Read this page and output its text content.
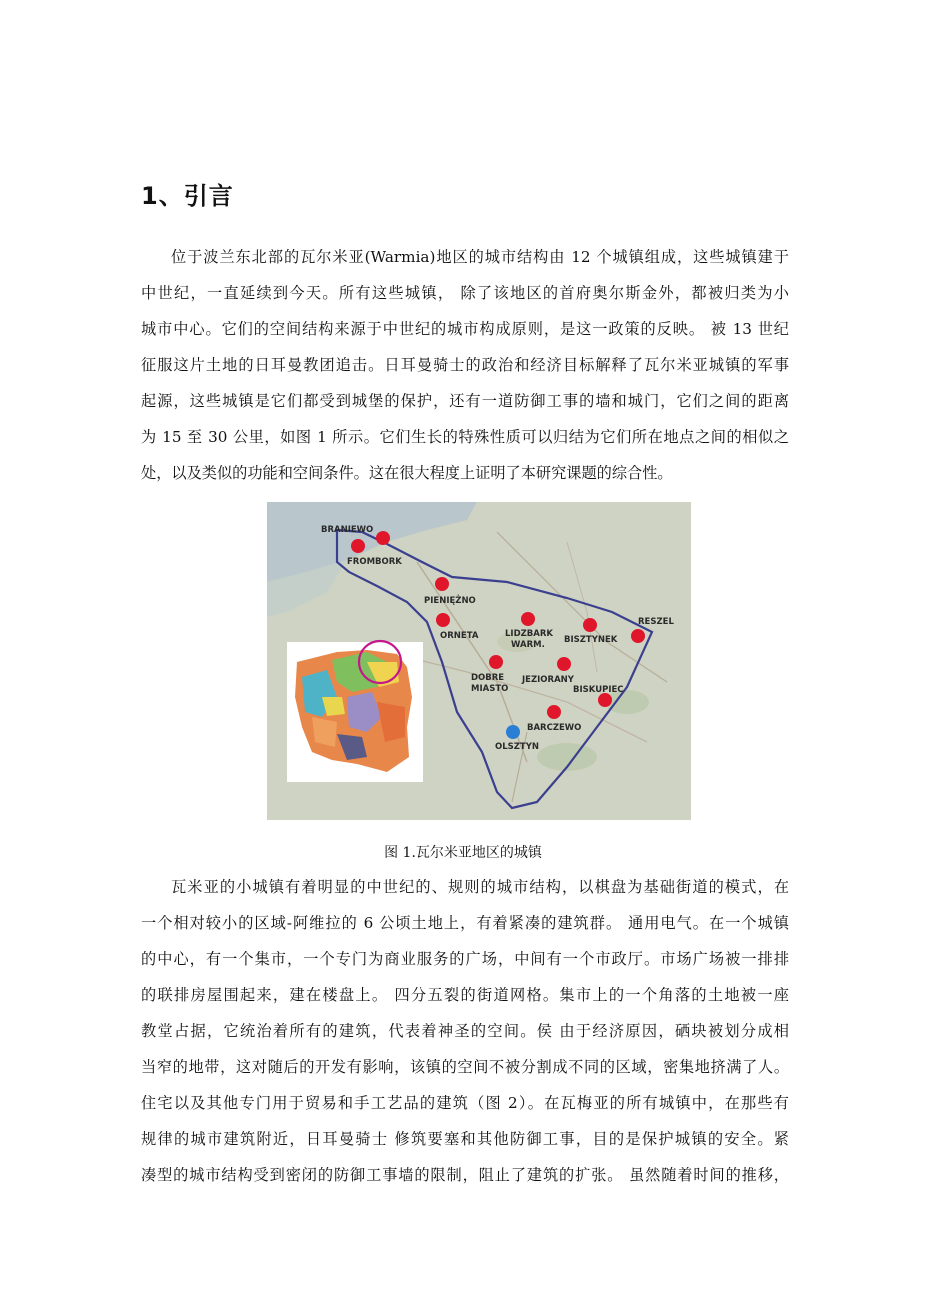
1、引言
位于波兰东北部的瓦尔米亚(Warmia)地区的城市结构由 12 个城镇组成，这些城镇建于
中世纪，一直延续到今天。所有这些城镇， 除了该地区的首府奥尔斯金外，都被归类为小
城市中心。它们的空间结构来源于中世纪的城市构成原则，是这一政策的反映。 被 13 世纪
征服这片土地的日耳曼教团追击。日耳曼骑士的政治和经济目标解释了瓦尔米亚城镇的军事
起源，这些城镇是它们都受到城堡的保护，还有一道防御工事的墙和城门，它们之间的距离
为 15 至 30 公里，如图 1 所示。它们生长的特殊性质可以归结为它们所在地点之间的相似之
处，以及类似的功能和空间条件。这在很大程度上证明了本研究课题的综合性。
BRANIEWO
FROMBORK
PIENIĘŻNO
ORNETA	LIDZBARK
WARM. BISZTYNEK
RESZEL
DOBRE
MIASTO
JEZIORANY
BISKUPIEC
BARCZEWO
OLSZTYN

图 1.瓦尔米亚地区的城镇

瓦米亚的小城镇有着明显的中世纪的、规则的城市结构，以棋盘为基础街道的模式，在
一个相对较小的区域-阿维拉的 6 公顷土地上，有着紧凑的建筑群。 通用电气。在一个城镇
的中心，有一个集市，一个专门为商业服务的广场，中间有一个市政厅。市场广场被一排排
的联排房屋围起来，建在楼盘上。 四分五裂的街道网格。集市上的一个角落的土地被一座
教堂占据，它统治着所有的建筑，代表着神圣的空间。侯 由于经济原因，硒块被划分成相
当窄的地带，这对随后的开发有影响，该镇的空间不被分割成不同的区域，密集地挤满了人。
住宅以及其他专门用于贸易和手工艺品的建筑（图 2）。在瓦梅亚的所有城镇中，在那些有
规律的城市建筑附近，日耳曼骑士 修筑要塞和其他防御工事，目的是保护城镇的安全。紧
凑型的城市结构受到密闭的防御工事墙的限制，阻止了建筑的扩张。 虽然随着时间的推移，
